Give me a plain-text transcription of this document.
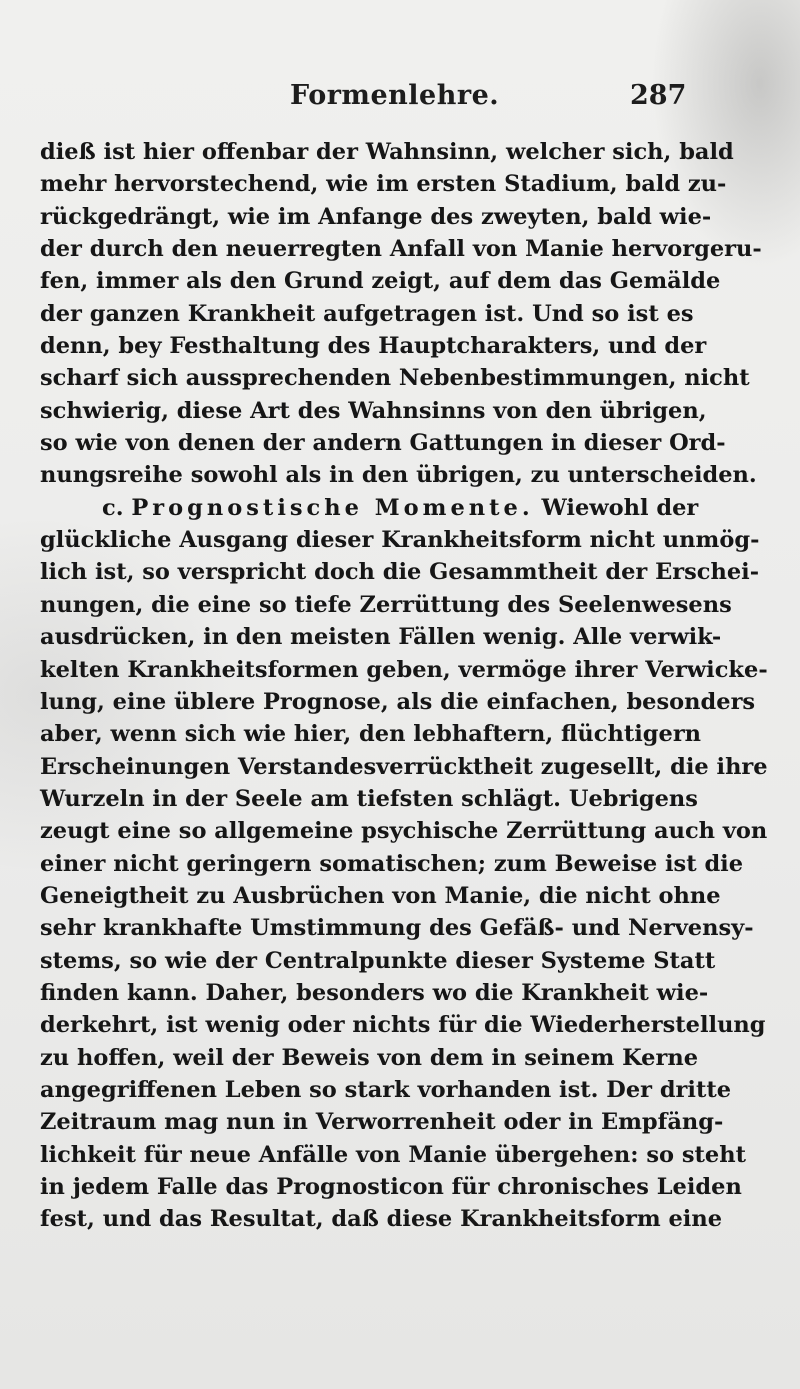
Formenlehre.	287
dieß ist hier offenbar der Wahnsinn, welcher sich, bald
mehr hervorstechend, wie im ersten Stadium, bald zu-
rückgedrängt, wie im Anfange des zweyten, bald wie-
der durch den neuerregten Anfall von Manie hervorgeru-
fen, immer als den Grund zeigt, auf dem das Gemälde
der ganzen Krankheit aufgetragen ist. Und so ist es
denn, bey Festhaltung des Hauptcharakters, und der
scharf sich aussprechenden Nebenbestimmungen, nicht
schwierig, diese Art des Wahnsinns von den übrigen,
so wie von denen der andern Gattungen in dieser Ord-
nungsreihe sowohl als in den übrigen, zu unterscheiden.
c. Prognostische Momente. Wiewohl der
glückliche Ausgang dieser Krankheitsform nicht unmög-
lich ist, so verspricht doch die Gesammtheit der Erschei-
nungen, die eine so tiefe Zerrüttung des Seelenwesens
ausdrücken, in den meisten Fällen wenig. Alle verwik-
kelten Krankheitsformen geben, vermöge ihrer Verwicke-
lung, eine üblere Prognose, als die einfachen, besonders
aber, wenn sich wie hier, den lebhaftern, flüchtigern
Erscheinungen Verstandesverrücktheit zugesellt, die ihre
Wurzeln in der Seele am tiefsten schlägt. Uebrigens
zeugt eine so allgemeine psychische Zerrüttung auch von
einer nicht geringern somatischen; zum Beweise ist die
Geneigtheit zu Ausbrüchen von Manie, die nicht ohne
sehr krankhafte Umstimmung des Gefäß- und Nervensy-
stems, so wie der Centralpunkte dieser Systeme Statt
finden kann. Daher, besonders wo die Krankheit wie-
derkehrt, ist wenig oder nichts für die Wiederherstellung
zu hoffen, weil der Beweis von dem in seinem Kerne
angegriffenen Leben so stark vorhanden ist. Der dritte
Zeitraum mag nun in Verworrenheit oder in Empfäng-
lichkeit für neue Anfälle von Manie übergehen: so steht
in jedem Falle das Prognosticon für chronisches Leiden
fest, und das Resultat, daß diese Krankheitsform eine
